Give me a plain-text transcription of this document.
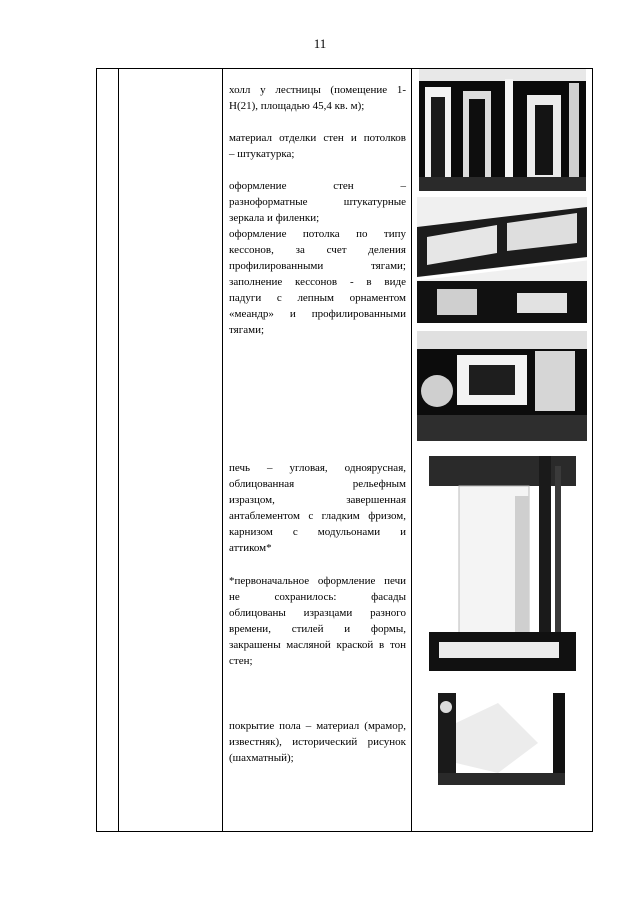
11

холл у лестницы (помещение 1-

Н(21), площадью 45,4 кв. м);

материал отделки стен и потолков

– штукатурка;

оформление стен –

разноформатные штукатурные

зеркала и филенки;

оформление потолка по типу

кессонов, за счет деления

профилированными тягами;

заполнение кессонов - в виде

падуги с лепным орнаментом

«меандр» и профилированными

тягами;

печь – угловая, одноярусная,

облицованная рельефным

изразцом, завершенная

антаблементом с гладким фризом,

карнизом с модульонами и

аттиком*

*первоначальное оформление печи

не сохранилось: фасады

облицованы изразцами разного

времени, стилей и формы,

закрашены масляной краской в тон

стен;

покрытие пола – материал (мрамор,

известняк), исторический рисунок

(шахматный);
